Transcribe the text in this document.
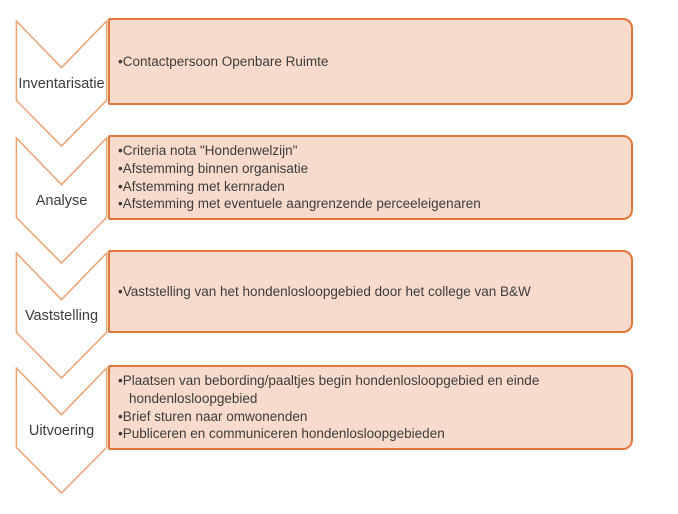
Inventarisatie
• Contactpersoon Openbare Ruimte
Analyse
• Criteria nota "Hondenwelzijn"
• Afstemming binnen organisatie
• Afstemming met kernraden
• Afstemming met eventuele aangrenzende perceeleigenaren
Vaststelling
• Vaststelling van het hondenlosloopgebied door het college van B&W
Uitvoering
• Plaatsen van bebording/paaltjes begin hondenlosloopgebied en einde hondenlosloopgebied
• Brief sturen naar omwonenden
• Publiceren en communiceren hondenlosloopgebieden
